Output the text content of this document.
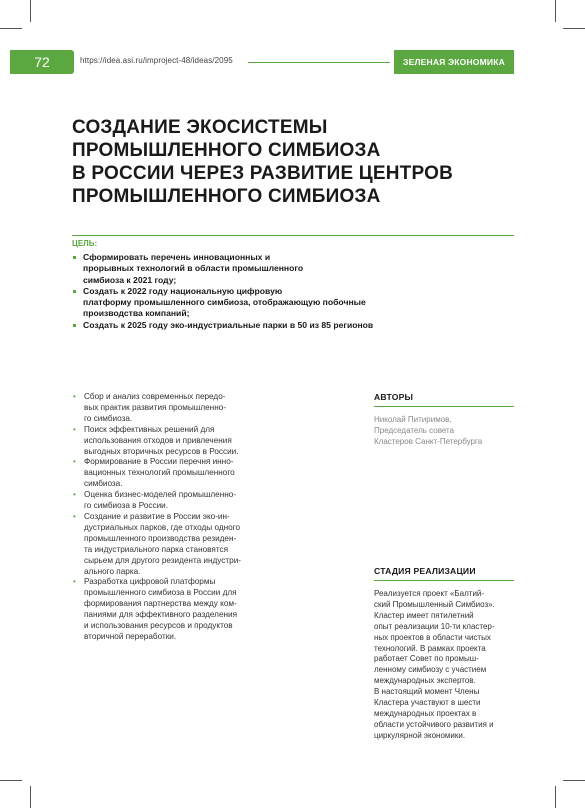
72	https://idea.asi.ru/improject-48/ideas/2095	ЗЕЛЕНАЯ ЭКОНОМИКА
СОЗДАНИЕ ЭКОСИСТЕМЫ
ПРОМЫШЛЕННОГО СИМБИОЗА
В РОССИИ ЧЕРЕЗ РАЗВИТИЕ ЦЕНТРОВ
ПРОМЫШЛЕННОГО СИМБИОЗА
ЦЕЛЬ:
Сформировать перечень инновационных и
прорывных технологий в области промышленного
симбиоза к 2021 году;
Создать к 2022 году национальную цифровую
платформу промышленного симбиоза, отображающую побочные
производства компаний;
Создать к 2025 году эко-индустриальные парки в 50 из 85 регионов
• Сбор и анализ современных передо-
вых практик развития промышленно-
го симбиоза.
• Поиск эффективных решений для
использования отходов и привлечения
выгодных вторичных ресурсов в России.
• Формирование в России перечня инно-
вационных технологий промышленного
симбиоза.
• Оценка бизнес-моделей промышленно-
го симбиоза в России.
• Создание и развитие в России эко-ин-
дустриальных парков, где отходы одного
промышленного производства резиден-
та индустриального парка становятся
сырьем для другого резидента индустри-
ального парка.
• Разработка цифровой платформы
промышленного симбиоза в России для
формирования партнерства между ком-
паниями для эффективного разделения
и использования ресурсов и продуктов
вторичной переработки.
АВТОРЫ
Николай Питиримов,
Председатель совета
Кластеров Санкт-Петербурга
СТАДИЯ РЕАЛИЗАЦИИ
Реализуется проект «Балтий-
ский Промышленный Симбиоз».
Кластер имеет пятилетний
опыт реализации 10-ти кластер-
ных проектов в области чистых
технологий. В рамках проекта
работает Совет по промыш-
ленному симбиозу с участием
международных экспертов.
В настоящий момент Члены
Кластера участвуют в шести
международных проектах в
области устойчивого развития и
циркулярной экономики.
